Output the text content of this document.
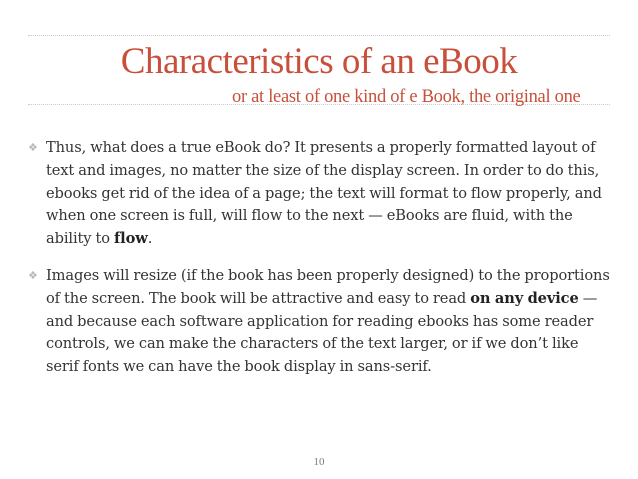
Characteristics of an eBook
or at least of one kind of e Book, the original one
❖ Thus, what does a true eBook do? It presents a properly formatted layout of text and images, no matter the size of the display screen. In order to do this, ebooks get rid of the idea of a page; the text will format to flow properly, and when one screen is full, will flow to the next — eBooks are fluid, with the ability to flow.
❖ Images will resize (if the book has been properly designed) to the proportions of the screen. The book will be attractive and easy to read on any device — and because each software application for reading ebooks has some reader controls, we can make the characters of the text larger, or if we don’t like serif fonts we can have the book display in sans-serif.
10
